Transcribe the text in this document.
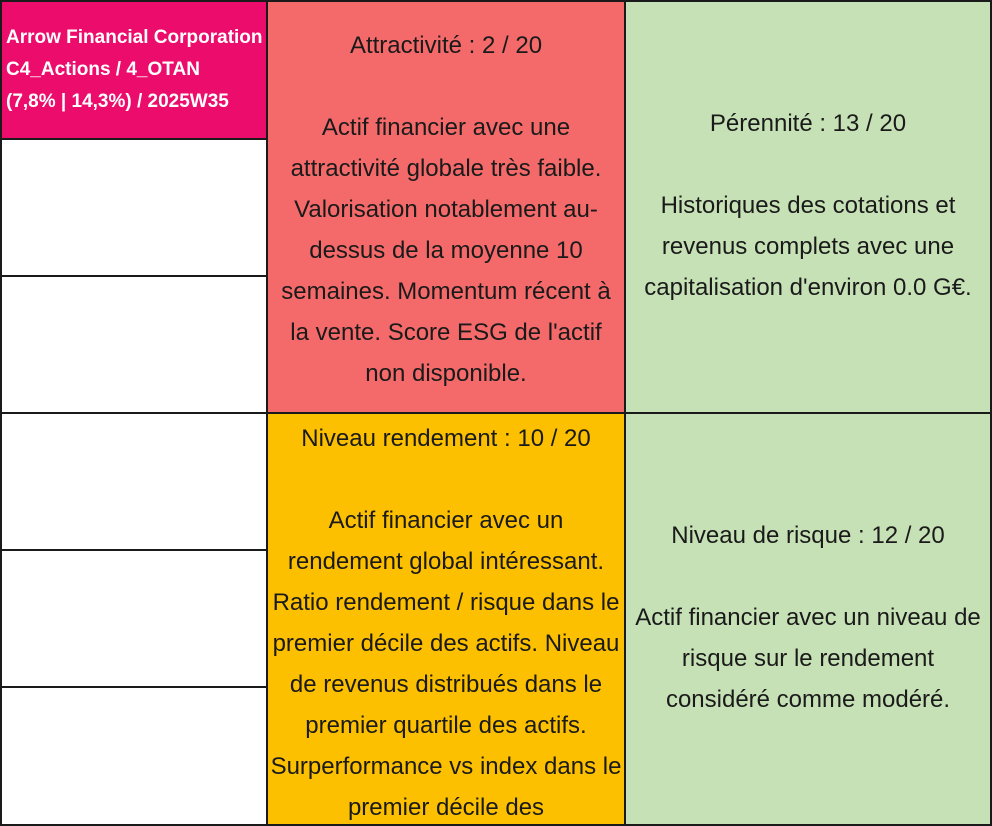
Arrow Financial Corporation
C4_Actions / 4_OTAN
(7,8% | 14,3%) / 2025W35
Attractivité : 2 / 20
Actif financier avec une attractivité globale très faible. Valorisation notablement au-dessus de la moyenne 10 semaines. Momentum récent à la vente. Score ESG de l'actif non disponible.
Pérennité : 13 / 20
Historiques des cotations et revenus complets avec une capitalisation d'environ 0.0 G€.
Niveau rendement : 10 / 20
Actif financier avec un rendement global intéressant. Ratio rendement / risque dans le premier décile des actifs. Niveau de revenus distribués dans le premier quartile des actifs. Surperformance vs index dans le premier décile des
Niveau de risque : 12 / 20
Actif financier avec un niveau de risque sur le rendement considéré comme modéré.
